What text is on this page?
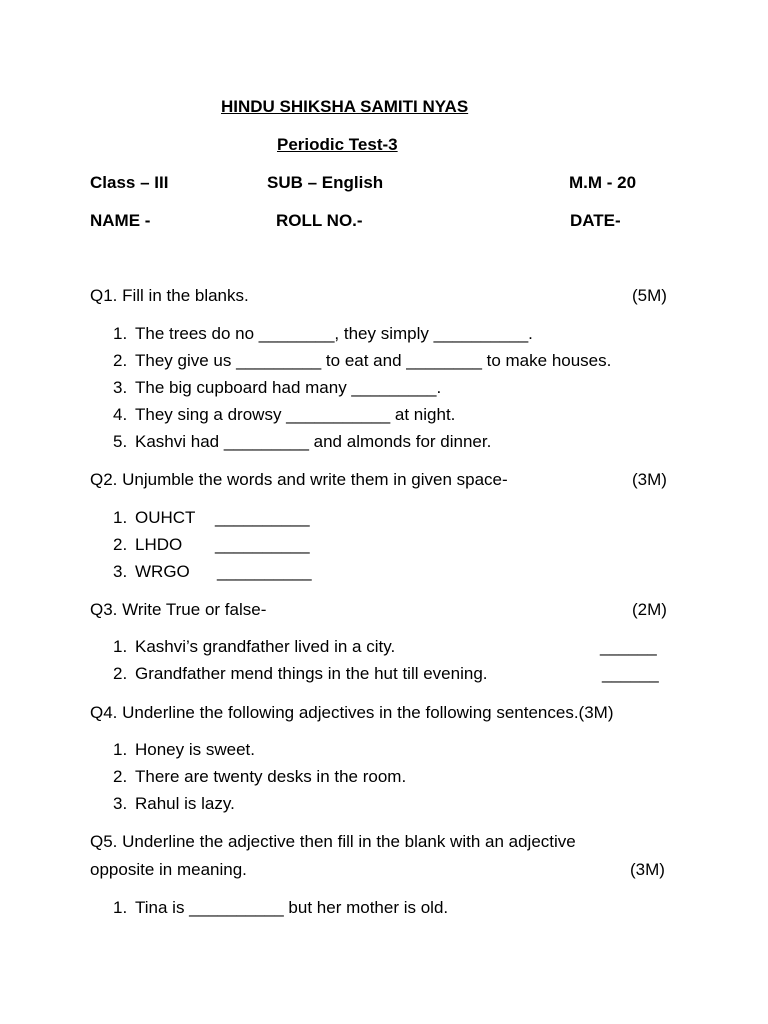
HINDU SHIKSHA SAMITI NYAS
Periodic Test-3
Class – III	SUB – English	M.M - 20
NAME -	ROLL NO.-	DATE-
Q1. Fill in the blanks.	(5M)
1. The trees do no ________, they simply __________.
2. They give us _________ to eat and ________ to make houses.
3. The big cupboard had many _________.
4. They sing a drowsy ___________ at night.
5. Kashvi had _________ and almonds for dinner.
Q2. Unjumble the words and write them in given space-	(3M)
1. OUHCT __________
2. LHDO __________
3. WRGO __________
Q3. Write True or false-	(2M)
1. Kashvi’s grandfather lived in a city.	______
2. Grandfather mend things in the hut till evening.	______
Q4. Underline the following adjectives in the following sentences.(3M)
1. Honey is sweet.
2. There are twenty desks in the room.
3. Rahul is lazy.
Q5. Underline the adjective then fill in the blank with an adjective
opposite in meaning.	(3M)
1. Tina is __________ but her mother is old.
